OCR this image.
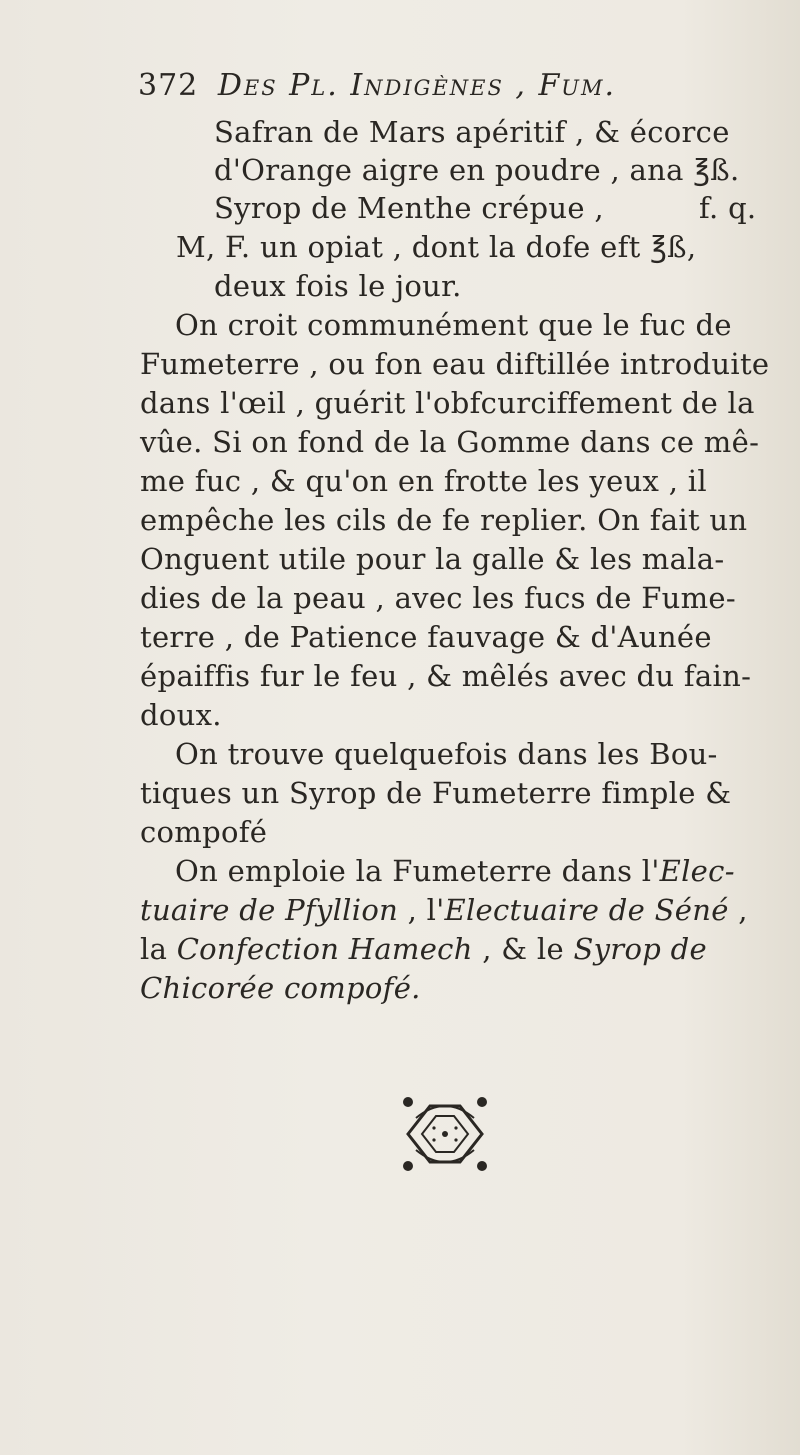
372 Des Pl. Indigènes , Fum.
Safran de Mars apéritif , & écorce
d'Orange aigre en poudre , ana ℥ß.
Syrop de Menthe crépue ,          f. q.
M, F. un opiat , dont la dofe eft ℥ß,
deux fois le jour.
On croit communément que le fuc de
Fumeterre , ou fon eau diftillée introduite
dans l'œil , guérit l'obfcurciffement de la
vûe. Si on fond de la Gomme dans ce mê-
me fuc , & qu'on en frotte les yeux , il
empêche les cils de fe replier. On fait un
Onguent utile pour la galle & les mala-
dies de la peau , avec les fucs de Fume-
terre , de Patience fauvage & d'Aunée
épaiffis fur le feu , & mêlés avec du fain-
doux.
On trouve quelquefois dans les Bou-
tiques un Syrop de Fumeterre fimple &
compofé
On emploie la Fumeterre dans l'Elec-
tuaire de Pfyllion , l'Electuaire de Séné ,
la Confection Hamech , & le Syrop de
Chicorée compofé.
